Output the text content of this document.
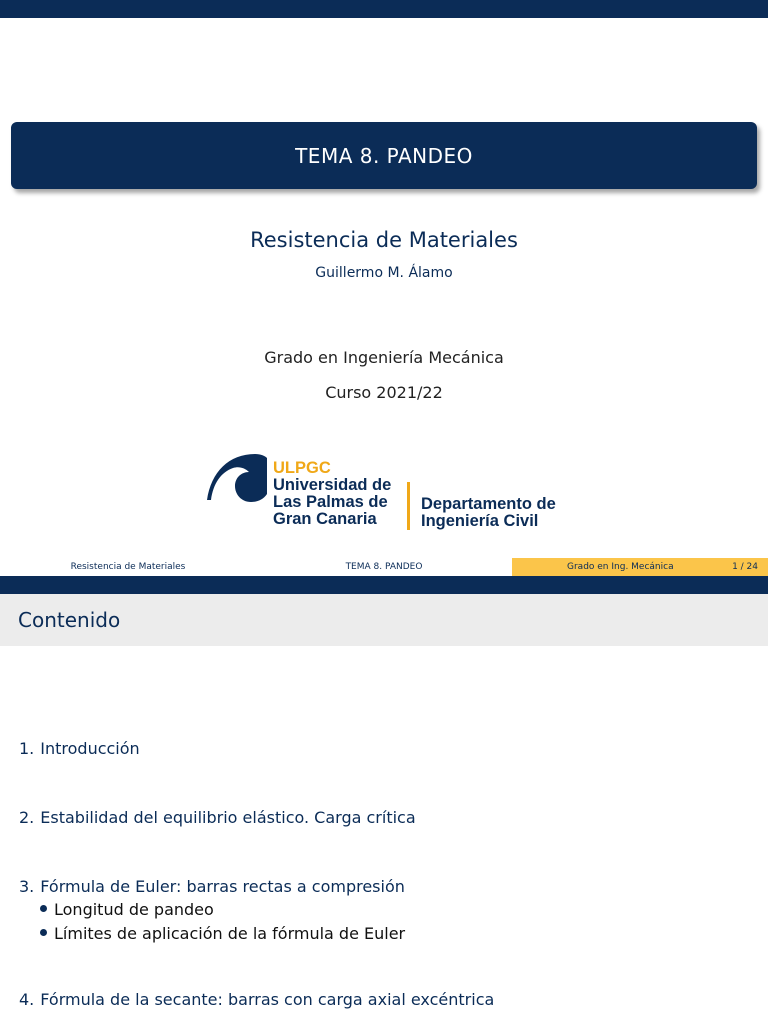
TEMA 8. PANDEO
Resistencia de Materiales
Guillermo M. Álamo
Grado en Ingeniería Mecánica
Curso 2021/22
ULPGC
Universidad de
Las Palmas de
Gran Canaria
Departamento de
Ingeniería Civil
Resistencia de Materiales	TEMA 8. PANDEO	Grado en Ing. Mecánica	1 / 24
Contenido
1. Introducción
2. Estabilidad del equilibrio elástico. Carga crítica
3. Fórmula de Euler: barras rectas a compresión
Longitud de pandeo
Límites de aplicación de la fórmula de Euler
4. Fórmula de la secante: barras con carga axial excéntrica
